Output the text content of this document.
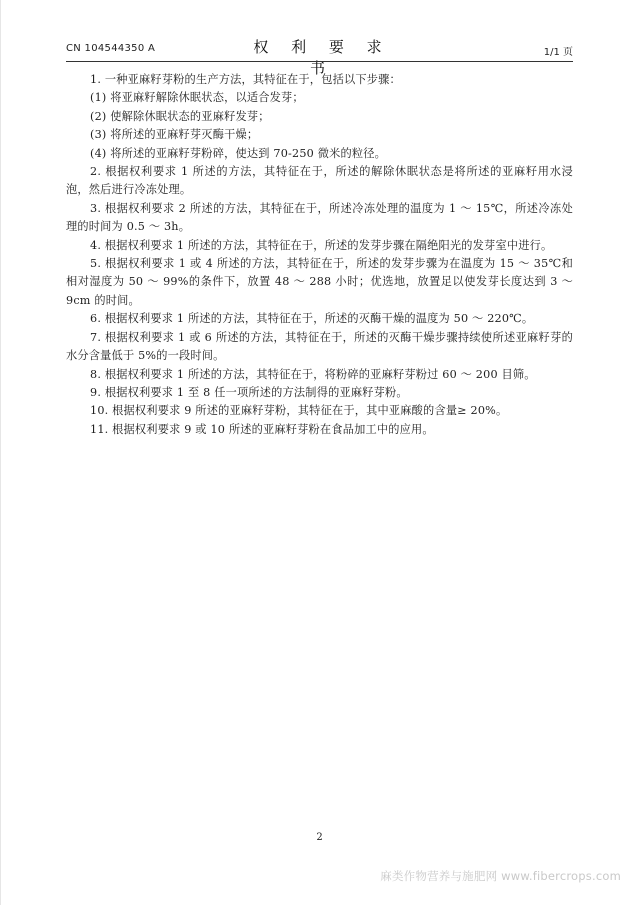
CN 104544350 A	权 利 要 求 书
1/1 页

1. 一种亚麻籽芽粉的生产方法，其特征在于，包括以下步骤：

(1) 将亚麻籽解除休眠状态，以适合发芽；

(2) 使解除休眠状态的亚麻籽发芽；

(3) 将所述的亚麻籽芽灭酶干燥；

(4) 将所述的亚麻籽芽粉碎，使达到 70-250 微米的粒径。

2. 根据权利要求 1 所述的方法，其特征在于，所述的解除休眠状态是将所述的亚麻籽用水浸泡，然后进行冷冻处理。

3. 根据权利要求 2 所述的方法，其特征在于，所述冷冻处理的温度为 1 ～ 15℃，所述冷冻处理的时间为 0.5 ～ 3h。

4. 根据权利要求 1 所述的方法，其特征在于，所述的发芽步骤在隔绝阳光的发芽室中进行。

5. 根据权利要求 1 或 4 所述的方法，其特征在于，所述的发芽步骤为在温度为 15 ～ 35℃和相对湿度为 50 ～ 99%的条件下，放置 48 ～ 288 小时；优选地，放置足以使发芽长度达到 3 ～ 9cm 的时间。

6. 根据权利要求 1 所述的方法，其特征在于，所述的灭酶干燥的温度为 50 ～ 220℃。

7. 根据权利要求 1 或 6 所述的方法，其特征在于，所述的灭酶干燥步骤持续使所述亚麻籽芽的水分含量低于 5%的一段时间。

8. 根据权利要求 1 所述的方法，其特征在于，将粉碎的亚麻籽芽粉过 60 ～ 200 目筛。

9. 根据权利要求 1 至 8 任一项所述的方法制得的亚麻籽芽粉。

10. 根据权利要求 9 所述的亚麻籽芽粉，其特征在于，其中亚麻酸的含量≥ 20%。

11. 根据权利要求 9 或 10 所述的亚麻籽芽粉在食品加工中的应用。

2
麻类作物营养与施肥网 www.fibercrops.com
